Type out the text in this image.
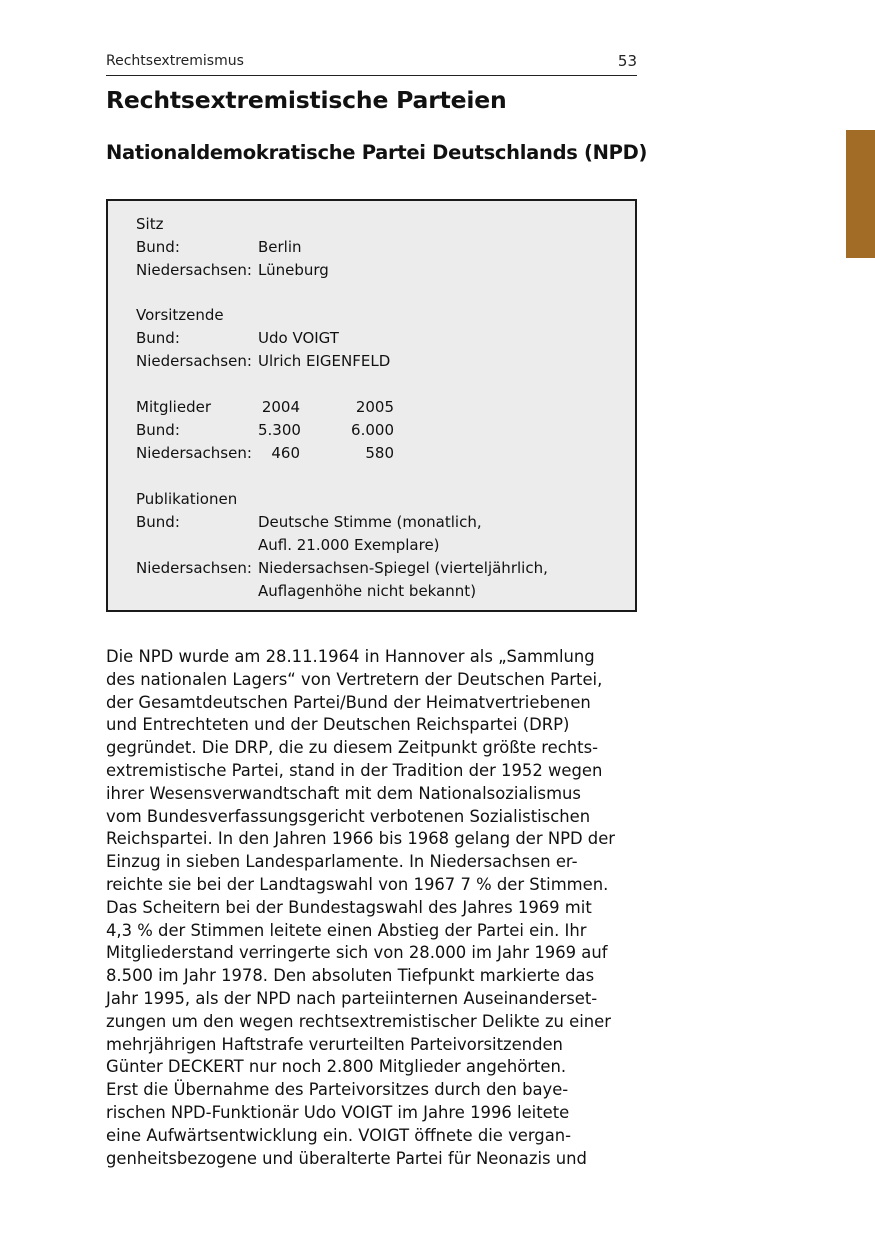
Rechtsextremismus	53
Rechtsextremistische Parteien
Nationaldemokratische Partei Deutschlands (NPD)
Sitz
Bund:	Berlin
Niedersachsen: Lüneburg
Vorsitzende
Bund:	Udo VOIGT
Niedersachsen: Ulrich EIGENFELD
Mitglieder	2004	2005
Bund:	5.300	6.000
Niedersachsen:	460	580
Publikationen
Bund:	Deutsche Stimme (monatlich,
Aufl. 21.000 Exemplare)
Niedersachsen: Niedersachsen-Spiegel (vierteljährlich,
Auflagenhöhe nicht bekannt)
Die NPD wurde am 28.11.1964 in Hannover als „Sammlung
des nationalen Lagers“ von Vertretern der Deutschen Partei,
der Gesamtdeutschen Partei/Bund der Heimatvertriebenen
und Entrechteten und der Deutschen Reichspartei (DRP)
gegründet. Die DRP, die zu diesem Zeitpunkt größte rechts-
extremistische Partei, stand in der Tradition der 1952 wegen
ihrer Wesensverwandtschaft mit dem Nationalsozialismus
vom Bundesverfassungsgericht verbotenen Sozialistischen
Reichspartei. In den Jahren 1966 bis 1968 gelang der NPD der
Einzug in sieben Landesparlamente. In Niedersachsen er-
reichte sie bei der Landtagswahl von 1967 7 % der Stimmen.
Das Scheitern bei der Bundestagswahl des Jahres 1969 mit
4,3 % der Stimmen leitete einen Abstieg der Partei ein. Ihr
Mitgliederstand verringerte sich von 28.000 im Jahr 1969 auf
8.500 im Jahr 1978. Den absoluten Tiefpunkt markierte das
Jahr 1995, als der NPD nach parteiinternen Auseinanderset-
zungen um den wegen rechtsextremistischer Delikte zu einer
mehrjährigen Haftstrafe verurteilten Parteivorsitzenden
Günter DECKERT nur noch 2.800 Mitglieder angehörten.
Erst die Übernahme des Parteivorsitzes durch den baye-
rischen NPD-Funktionär Udo VOIGT im Jahre 1996 leitete
eine Aufwärtsentwicklung ein. VOIGT öffnete die vergan-
genheitsbezogene und überalterte Partei für Neonazis und
